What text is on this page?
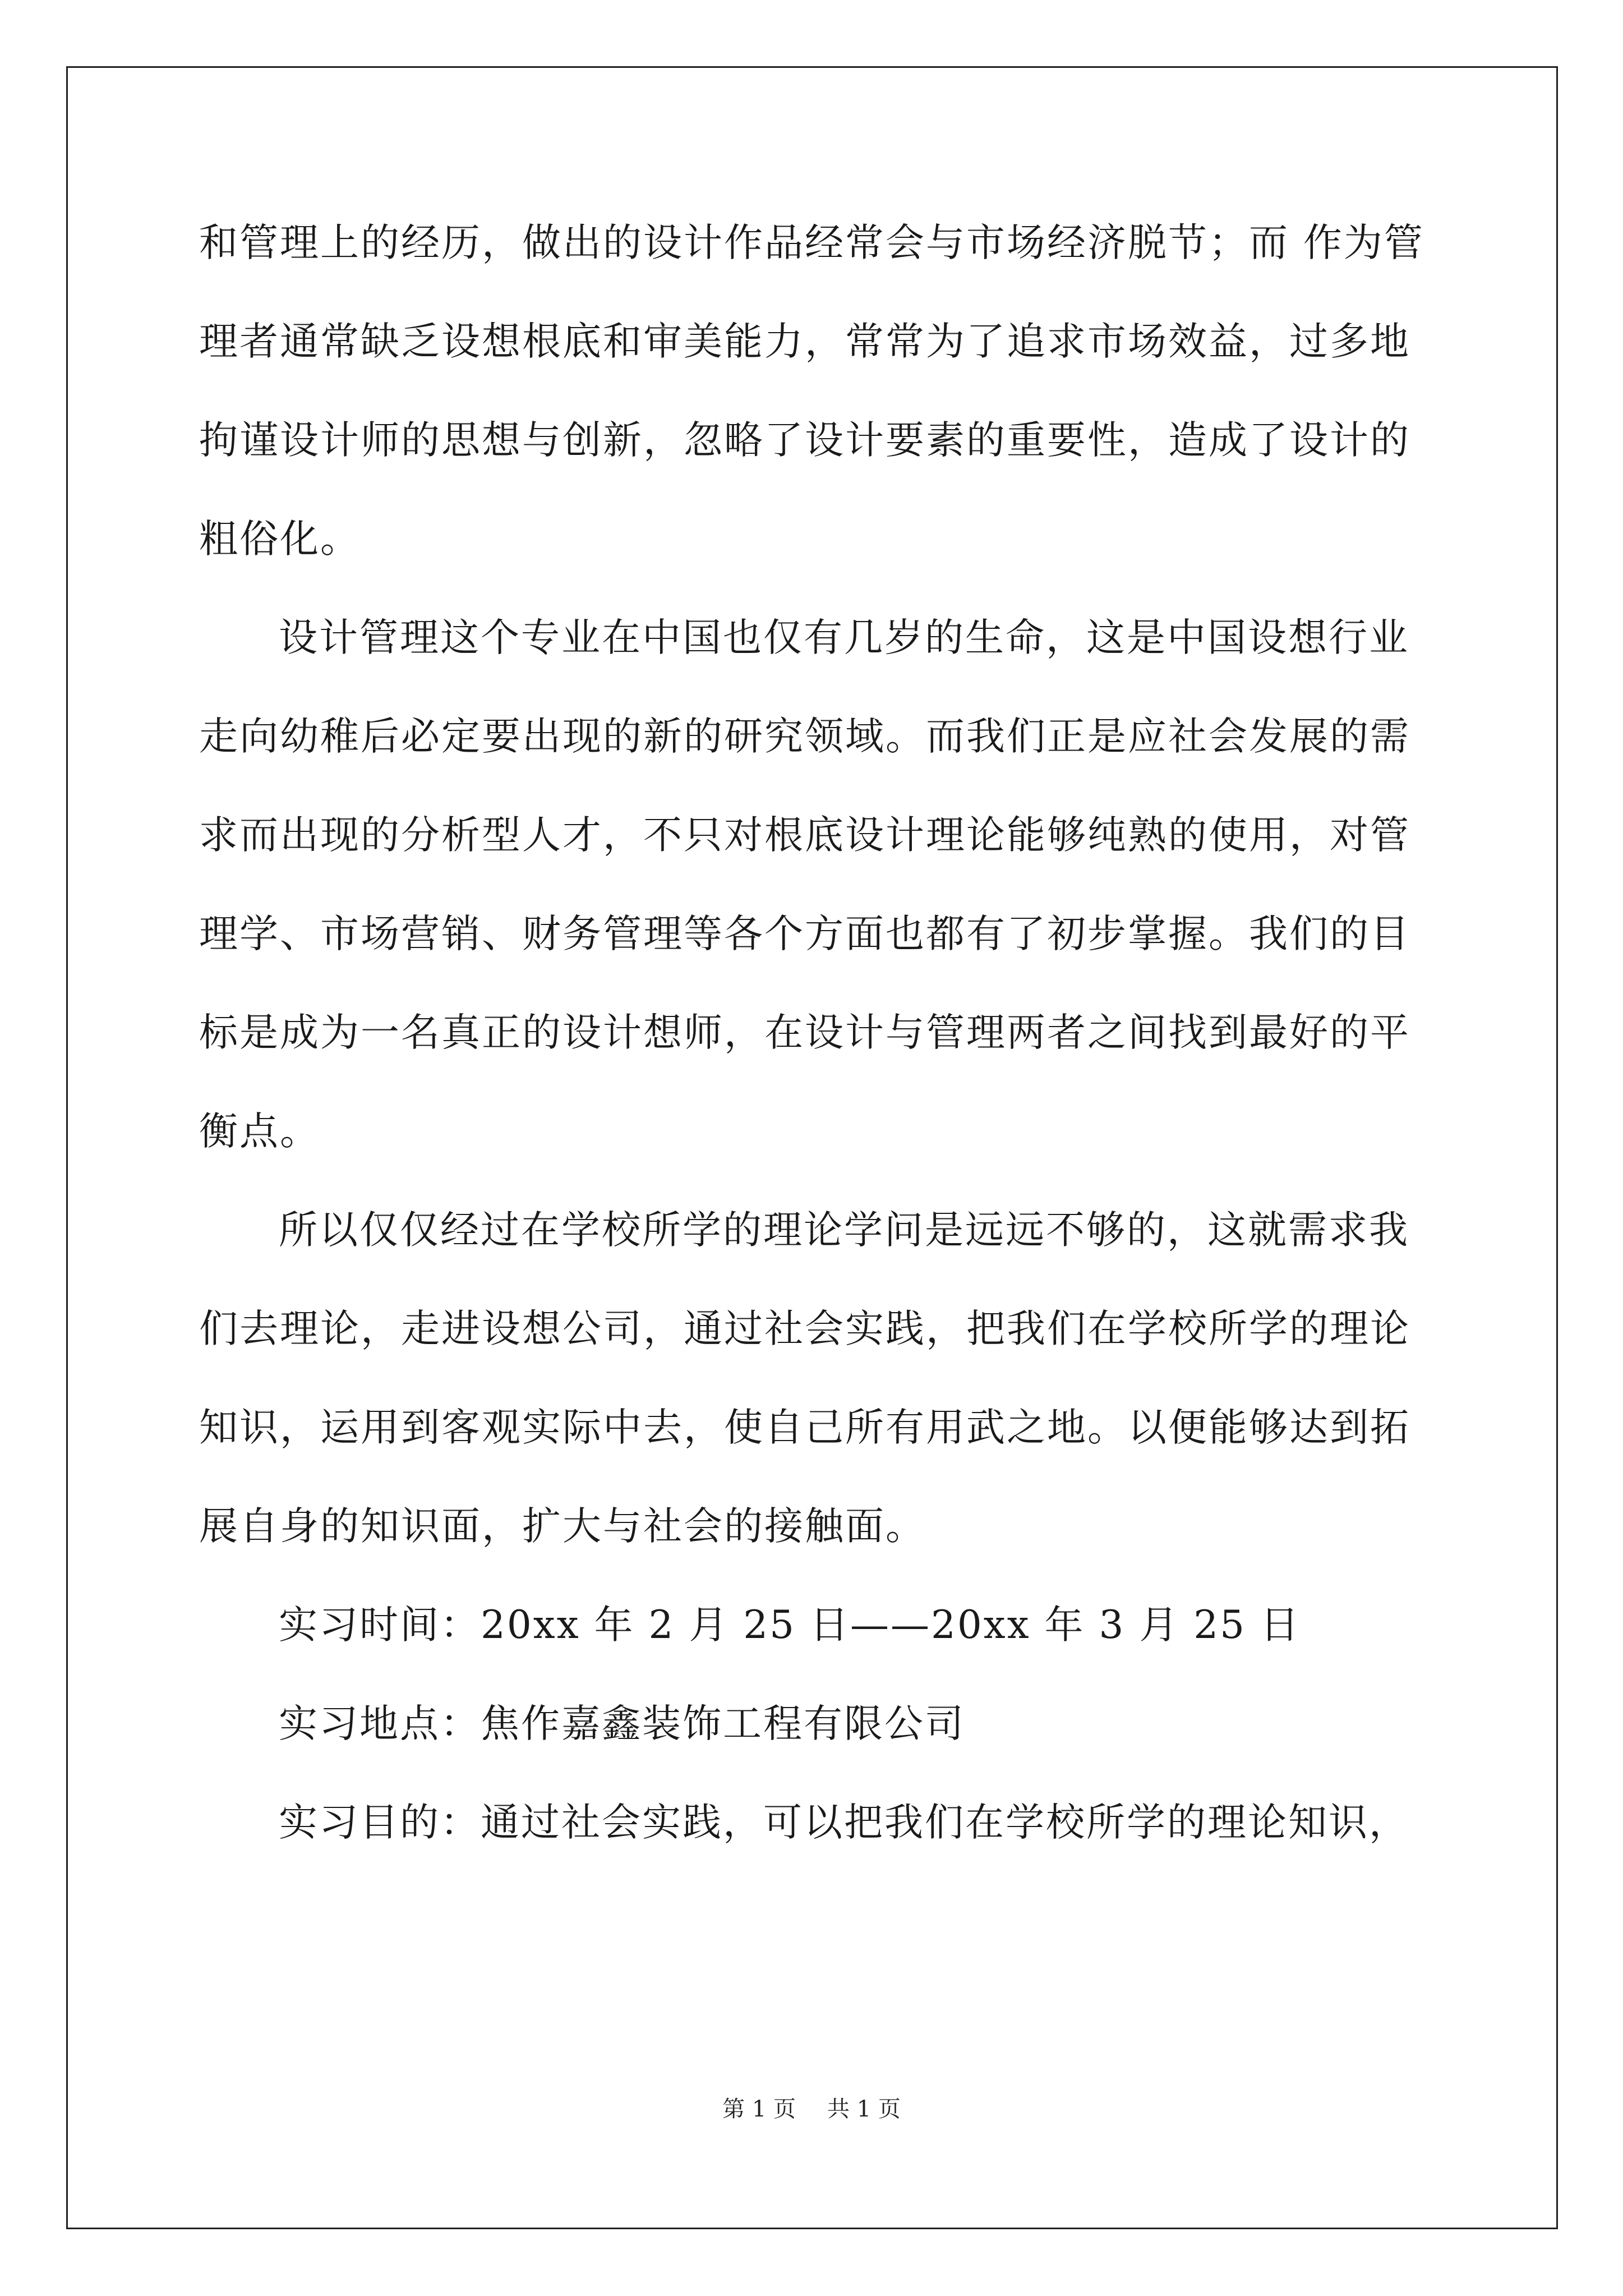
和管理上的经历，做出的设计作品经常会与市场经济脱节；而 作为管
理者通常缺乏设想根底和审美能力，常常为了追求市场效益，过多地
拘谨设计师的思想与创新，忽略了设计要素的重要性，造成了设计的
粗俗化。
设计管理这个专业在中国也仅有几岁的生命，这是中国设想行业
走向幼稚后必定要出现的新的研究领域。而我们正是应社会发展的需
求而出现的分析型人才，不只对根底设计理论能够纯熟的使用，对管
理学、市场营销、财务管理等各个方面也都有了初步掌握。我们的目
标是成为一名真正的设计想师，在设计与管理两者之间找到最好的平
衡点。
所以仅仅经过在学校所学的理论学问是远远不够的，这就需求我
们去理论，走进设想公司，通过社会实践，把我们在学校所学的理论
知识，运用到客观实际中去，使自己所有用武之地。以便能够达到拓
展自身的知识面，扩大与社会的接触面。
实习时间：20xx 年 2 月 25 日——20xx 年 3 月 25 日
实习地点：焦作嘉鑫装饰工程有限公司
实习目的：通过社会实践，可以把我们在学校所学的理论知识，
第 1 页 共 1 页
